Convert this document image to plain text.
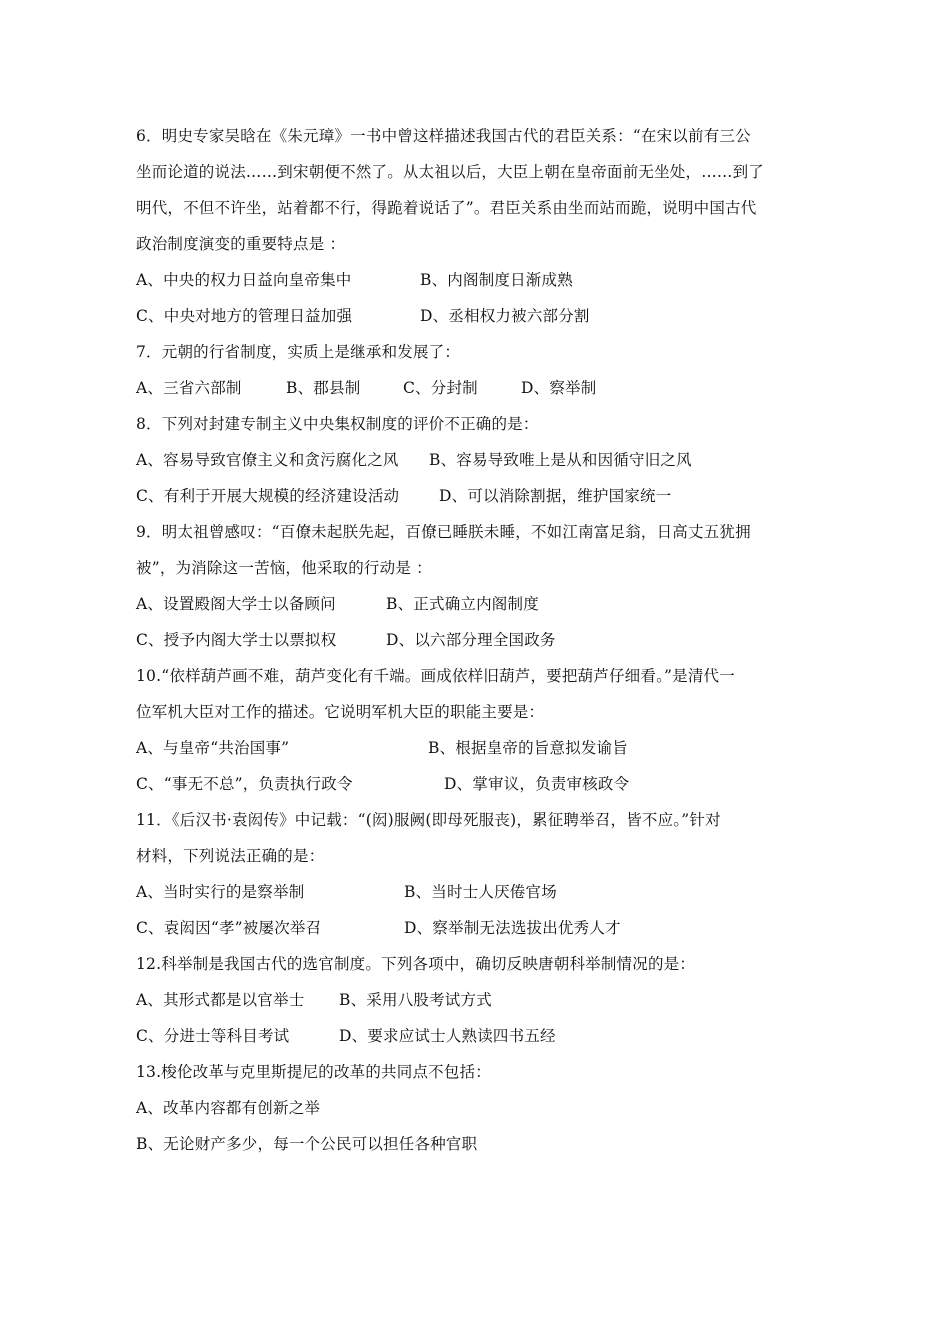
6．明史专家吴晗在《朱元璋》一书中曾这样描述我国古代的君臣关系：“在宋以前有三公
坐而论道的说法……到宋朝便不然了。从太祖以后，大臣上朝在皇帝面前无坐处，……到了
明代，不但不许坐，站着都不行，得跪着说话了”。君臣关系由坐而站而跪，说明中国古代
政治制度演变的重要特点是 ：
A、中央的权力日益向皇帝集中	B、内阁制度日渐成熟
C、中央对地方的管理日益加强	D、丞相权力被六部分割
7．元朝的行省制度，实质上是继承和发展了：
A、三省六部制	B、郡县制	C、分封制	D、察举制
8．下列对封建专制主义中央集权制度的评价不正确的是：
A、容易导致官僚主义和贪污腐化之风 B、容易导致唯上是从和因循守旧之风
C、有利于开展大规模的经济建设活动	D、可以消除割据，维护国家统一
9．明太祖曾感叹：“百僚未起朕先起，百僚已睡朕未睡，不如江南富足翁，日高丈五犹拥
被”，为消除这一苦恼，他采取的行动是 ：
A、设置殿阁大学士以备顾问	B、正式确立内阁制度
C、授予内阁大学士以票拟权	D、以六部分理全国政务
10.“依样葫芦画不难，葫芦变化有千端。画成依样旧葫芦，要把葫芦仔细看。”是清代一
位军机大臣对工作的描述。它说明军机大臣的职能主要是：
A、与皇帝“共治国事”	B、根据皇帝的旨意拟发谕旨
C、“事无不总”，负责执行政令	D、掌审议，负责审核政令
11．《后汉书·袁闳传》中记载：“(闳)服阙(即母死服丧)，累征聘举召，皆不应。”针对
材料，下列说法正确的是：
A、当时实行的是察举制	B、当时士人厌倦官场
C、袁闳因“孝”被屡次举召	D、察举制无法选拔出优秀人才
12.科举制是我国古代的选官制度。下列各项中，确切反映唐朝科举制情况的是：
A、其形式都是以官举士 B、采用八股考试方式
C、分进士等科目考试	D、要求应试士人熟读四书五经
13.梭伦改革与克里斯提尼的改革的共同点不包括：
A、改革内容都有创新之举
B、无论财产多少，每一个公民可以担任各种官职
